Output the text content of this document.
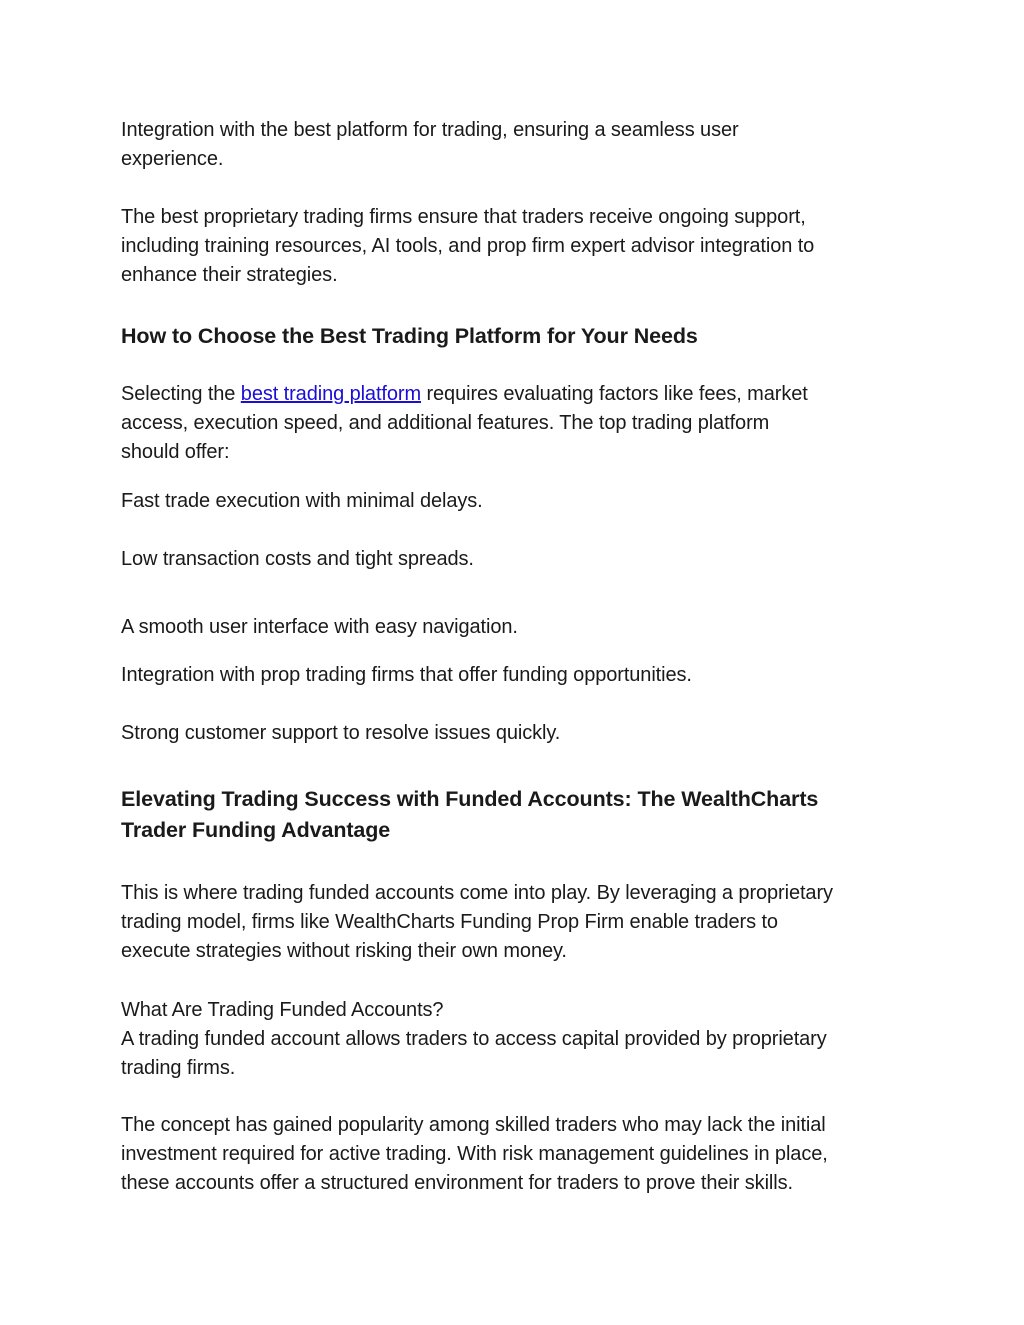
Integration with the best platform for trading, ensuring a seamless user
experience.

The best proprietary trading firms ensure that traders receive ongoing support,
including training resources, AI tools, and prop firm expert advisor integration to
enhance their strategies.

How to Choose the Best Trading Platform for Your Needs

Selecting the best trading platform requires evaluating factors like fees, market
access, execution speed, and additional features. The top trading platform
should offer:

Fast trade execution with minimal delays.

Low transaction costs and tight spreads.

A smooth user interface with easy navigation.

Integration with prop trading firms that offer funding opportunities.

Strong customer support to resolve issues quickly.

Elevating Trading Success with Funded Accounts: The WealthCharts
Trader Funding Advantage

This is where trading funded accounts come into play. By leveraging a proprietary
trading model, firms like WealthCharts Funding Prop Firm enable traders to
execute strategies without risking their own money.

What Are Trading Funded Accounts?
A trading funded account allows traders to access capital provided by proprietary
trading firms.

The concept has gained popularity among skilled traders who may lack the initial
investment required for active trading. With risk management guidelines in place,
these accounts offer a structured environment for traders to prove their skills.
